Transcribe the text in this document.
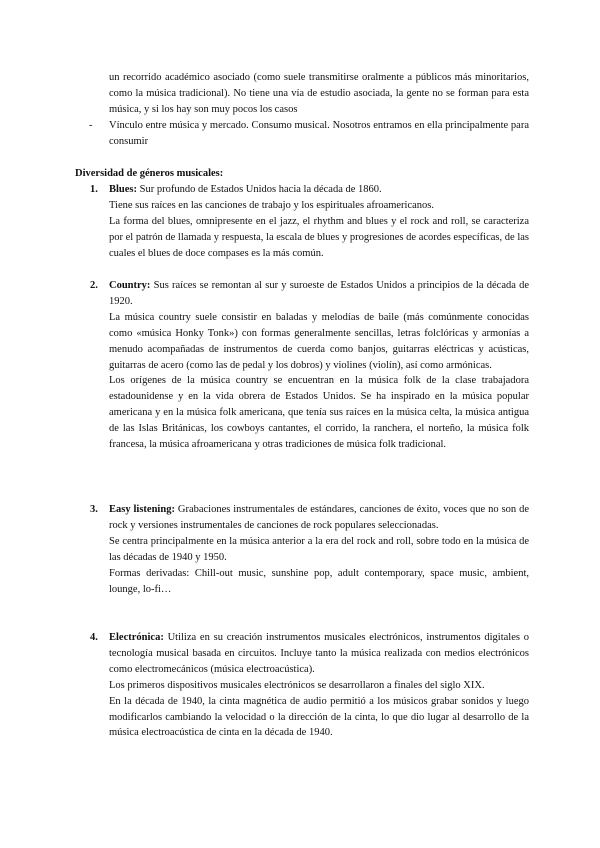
un recorrido académico asociado (como suele transmitirse oralmente a públicos más minoritarios, como la música tradicional). No tiene una vía de estudio asociada, la gente no se forman para esta música, y si los hay son muy pocos los casos

-	Vínculo entre música y mercado. Consumo musical. Nosotros entramos en ella principalmente para consumir
Diversidad de géneros musicales:
1. Blues: Sur profundo de Estados Unidos hacia la década de 1860.

Tiene sus raíces en las canciones de trabajo y los espirituales afroamericanos.

La forma del blues, omnipresente en el jazz, el rhythm and blues y el rock and roll, se caracteriza por el patrón de llamada y respuesta, la escala de blues y progresiones de acordes específicas, de las cuales el blues de doce compases es la más común.

2. Country: Sus raíces se remontan al sur y suroeste de Estados Unidos a principios de la década de 1920.

La música country suele consistir en baladas y melodías de baile (más comúnmente conocidas como «música Honky Tonk») con formas generalmente sencillas, letras folclóricas y armonías a menudo acompañadas de instrumentos de cuerda como banjos, guitarras eléctricas y acústicas, guitarras de acero (como las de pedal y los dobros) y violines (violín), así como armónicas.

Los orígenes de la música country se encuentran en la música folk de la clase trabajadora estadounidense y en la vida obrera de Estados Unidos. Se ha inspirado en la música popular americana y en la música folk americana, que tenía sus raíces en la música celta, la música antigua de las Islas Británicas, los cowboys cantantes, el corrido, la ranchera, el norteño, la música folk francesa, la música afroamericana y otras tradiciones de música folk tradicional.

3. Easy listening: Grabaciones instrumentales de estándares, canciones de éxito, voces que no son de rock y versiones instrumentales de canciones de rock populares seleccionadas.

Se centra principalmente en la música anterior a la era del rock and roll, sobre todo en la música de las décadas de 1940 y 1950.

Formas derivadas: Chill-out music, sunshine pop, adult contemporary, space music, ambient, lounge, lo-fi…

4. Electrónica: Utiliza en su creación instrumentos musicales electrónicos, instrumentos digitales o tecnología musical basada en circuitos. Incluye tanto la música realizada con medios electrónicos como electromecánicos (música electroacústica).

Los primeros dispositivos musicales electrónicos se desarrollaron a finales del siglo XIX.

En la década de 1940, la cinta magnética de audio permitió a los músicos grabar sonidos y luego modificarlos cambiando la velocidad o la dirección de la cinta, lo que dio lugar al desarrollo de la música electroacústica de cinta en la década de 1940.
